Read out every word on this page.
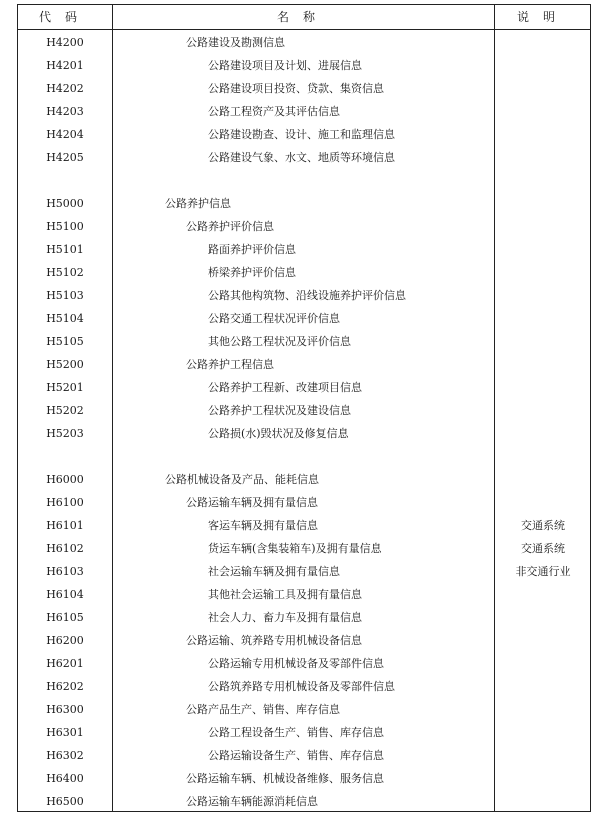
代码	名称	说明
H4200	公路建设及勘测信息
H4201	公路建设项目及计划、进展信息
H4202	公路建设项目投资、贷款、集资信息
H4203	公路工程资产及其评估信息
H4204	公路建设勘查、设计、施工和监理信息
H4205	公路建设气象、水文、地质等环境信息
H5000	公路养护信息
H5100	公路养护评价信息
H5101	路面养护评价信息
H5102	桥梁养护评价信息
H5103	公路其他构筑物、沿线设施养护评价信息
H5104	公路交通工程状况评价信息
H5105	其他公路工程状况及评价信息
H5200	公路养护工程信息
H5201	公路养护工程新、改建项目信息
H5202	公路养护工程状况及建设信息
H5203	公路损(水)毁状况及修复信息
H6000	公路机械设备及产品、能耗信息
H6100	公路运输车辆及拥有量信息
H6101	客运车辆及拥有量信息	交通系统
H6102	货运车辆(含集装箱车)及拥有量信息	交通系统
H6103	社会运输车辆及拥有量信息	非交通行业
H6104	其他社会运输工具及拥有量信息
H6105	社会人力、畜力车及拥有量信息
H6200	公路运输、筑养路专用机械设备信息
H6201	公路运输专用机械设备及零部件信息
H6202	公路筑养路专用机械设备及零部件信息
H6300	公路产品生产、销售、库存信息
H6301	公路工程设备生产、销售、库存信息
H6302	公路运输设备生产、销售、库存信息
H6400	公路运输车辆、机械设备维修、服务信息
H6500	公路运输车辆能源消耗信息
